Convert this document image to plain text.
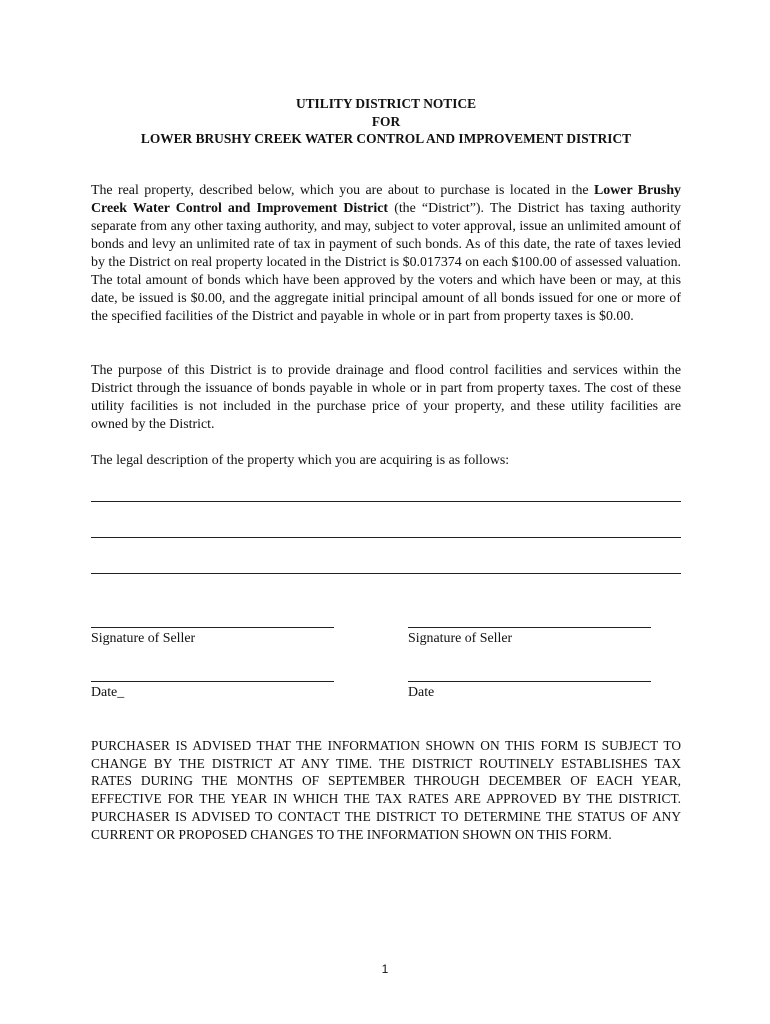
UTILITY DISTRICT NOTICE
FOR
LOWER BRUSHY CREEK WATER CONTROL AND IMPROVEMENT DISTRICT

The real property, described below, which you are about to purchase is located in the Lower Brushy Creek Water Control and Improvement District (the “District”). The District has taxing authority separate from any other taxing authority, and may, subject to voter approval, issue an unlimited amount of bonds and levy an unlimited rate of tax in payment of such bonds. As of this date, the rate of taxes levied by the District on real property located in the District is $0.017374 on each $100.00 of assessed valuation. The total amount of bonds which have been approved by the voters and which have been or may, at this date, be issued is $0.00, and the aggregate initial principal amount of all bonds issued for one or more of the specified facilities of the District and payable in whole or in part from property taxes is $0.00.

The purpose of this District is to provide drainage and flood control facilities and services within the District through the issuance of bonds payable in whole or in part from property taxes. The cost of these utility facilities is not included in the purchase price of your property, and these utility facilities are owned by the District.

The legal description of the property which you are acquiring is as follows:

Signature of Seller	Signature of Seller
Date_	Date

PURCHASER IS ADVISED THAT THE INFORMATION SHOWN ON THIS FORM IS SUBJECT TO CHANGE BY THE DISTRICT AT ANY TIME. THE DISTRICT ROUTINELY ESTABLISHES TAX RATES DURING THE MONTHS OF SEPTEMBER THROUGH DECEMBER OF EACH YEAR, EFFECTIVE FOR THE YEAR IN WHICH THE TAX RATES ARE APPROVED BY THE DISTRICT. PURCHASER IS ADVISED TO CONTACT THE DISTRICT TO DETERMINE THE STATUS OF ANY CURRENT OR PROPOSED CHANGES TO THE INFORMATION SHOWN ON THIS FORM.

1
